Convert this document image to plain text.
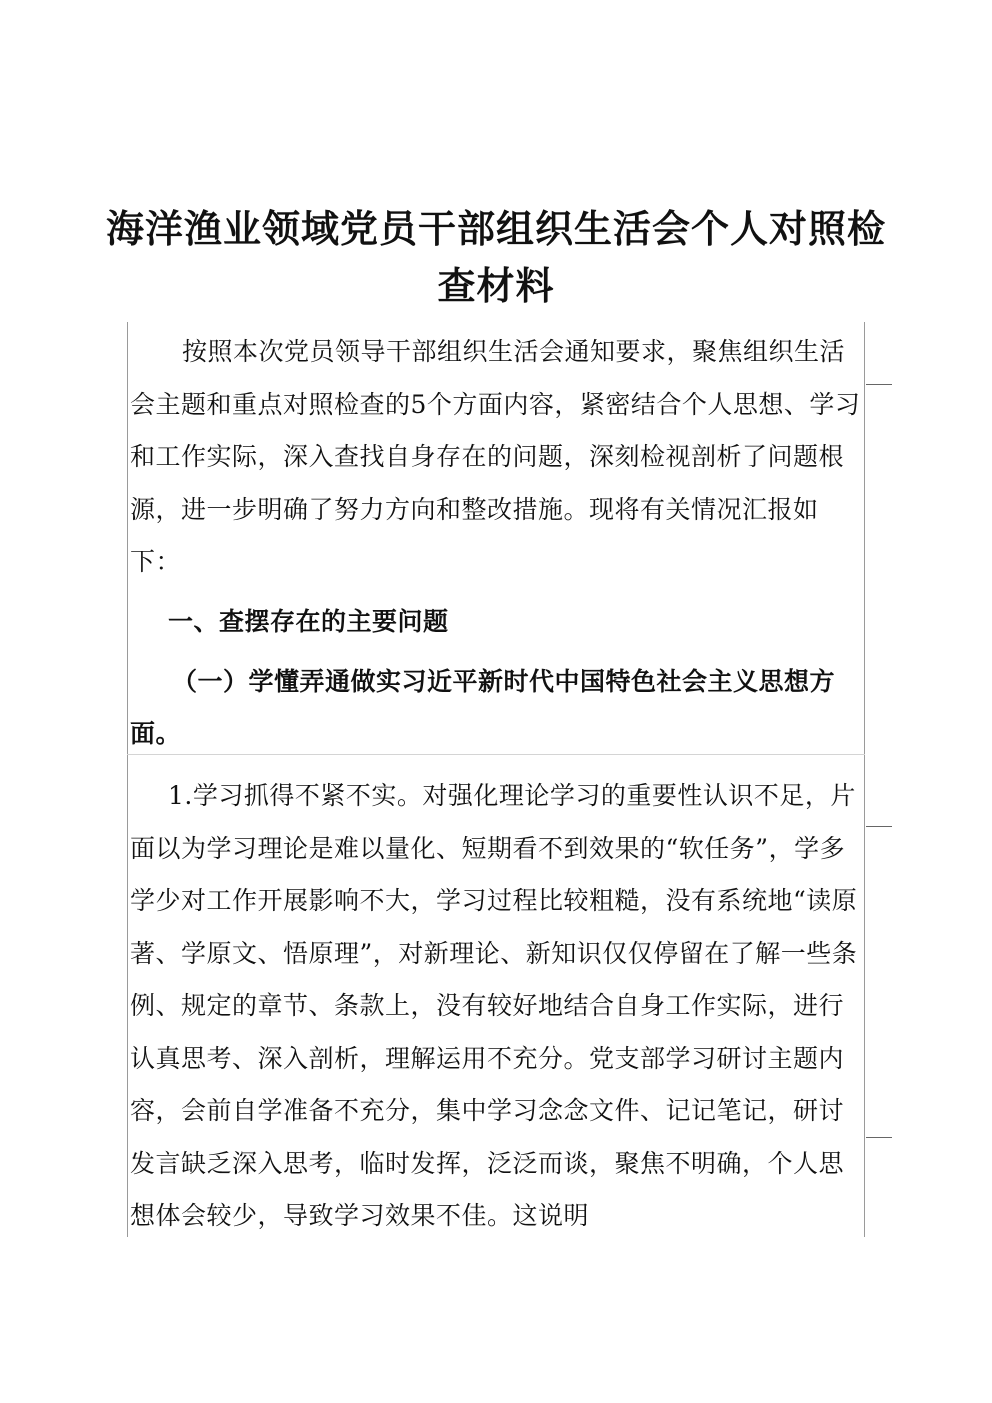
海洋渔业领域党员干部组织生活会个人对照检
查材料

按照本次党员领导干部组织生活会通知要求，聚焦组织生活会主题和重点对照检查的5个方面内容，紧密结合个人思想、学习和工作实际，深入查找自身存在的问题，深刻检视剖析了问题根源，进一步明确了努力方向和整改措施。现将有关情况汇报如下：

一、查摆存在的主要问题

（一）学懂弄通做实习近平新时代中国特色社会主义思想方面。

1.学习抓得不紧不实。对强化理论学习的重要性认识不足，片面以为学习理论是难以量化、短期看不到效果的“软任务”，学多学少对工作开展影响不大，学习过程比较粗糙，没有系统地“读原著、学原文、悟原理”，对新理论、新知识仅仅停留在了解一些条例、规定的章节、条款上，没有较好地结合自身工作实际，进行认真思考、深入剖析，理解运用不充分。党支部学习研讨主题内容，会前自学准备不充分，集中学习念念文件、记记笔记，研讨发言缺乏深入思考，临时发挥，泛泛而谈，聚焦不明确，个人思想体会较少，导致学习效果不佳。这说明
